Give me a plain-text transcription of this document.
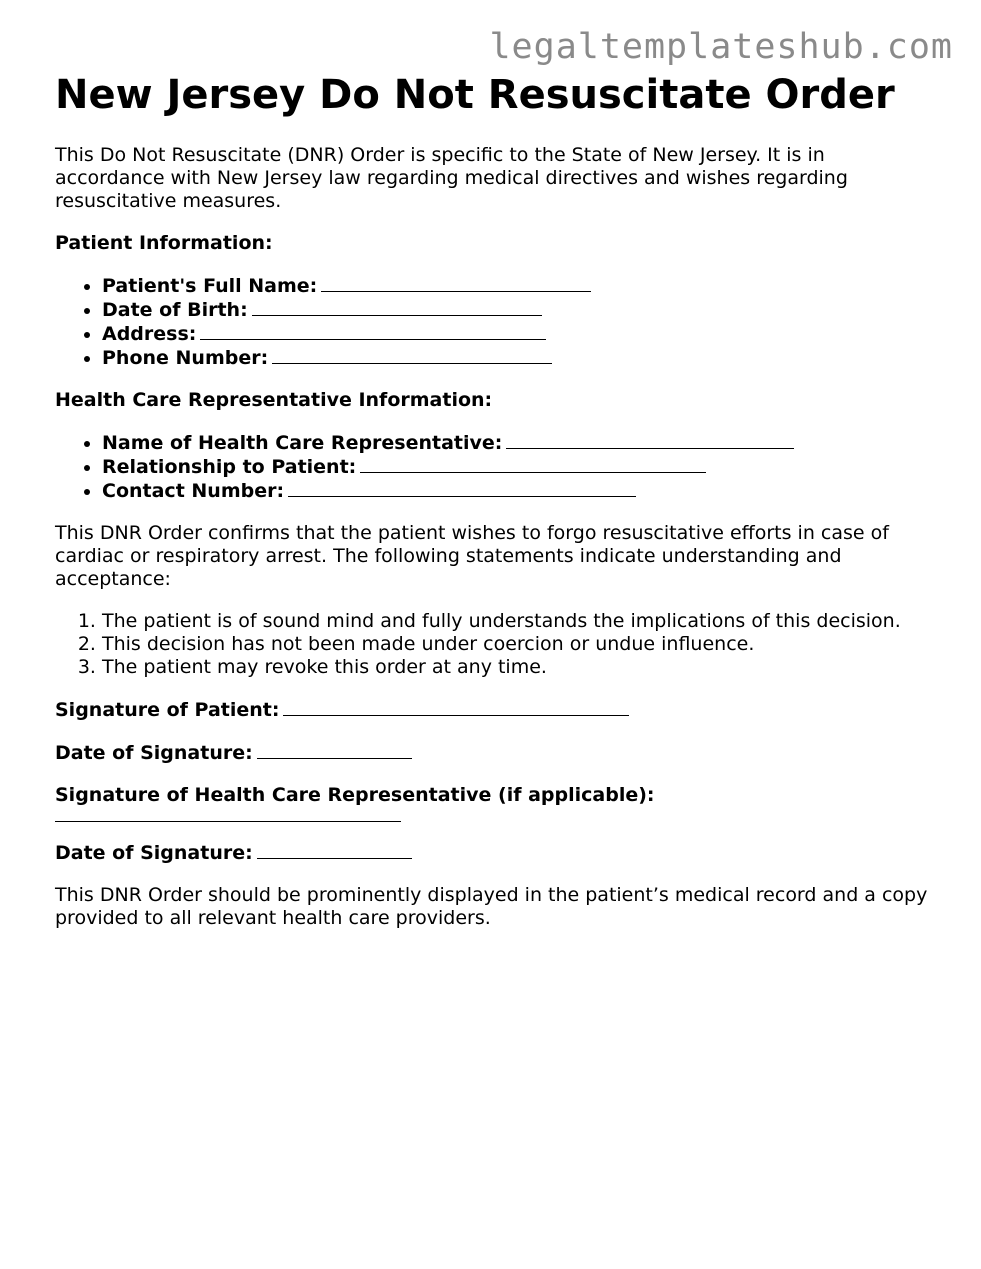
legaltemplateshub.com
New Jersey Do Not Resuscitate Order

This Do Not Resuscitate (DNR) Order is specific to the State of New Jersey. It is in accordance with New Jersey law regarding medical directives and wishes regarding resuscitative measures.

Patient Information:

• Patient's Full Name:
• Date of Birth:
• Address:
• Phone Number:

Health Care Representative Information:

• Name of Health Care Representative:
• Relationship to Patient:
• Contact Number:

This DNR Order confirms that the patient wishes to forgo resuscitative efforts in case of cardiac or respiratory arrest. The following statements indicate understanding and acceptance:

1. The patient is of sound mind and fully understands the implications of this decision.
2. This decision has not been made under coercion or undue influence.
3. The patient may revoke this order at any time.

Signature of Patient:

Date of Signature:

Signature of Health Care Representative (if applicable):

Date of Signature:

This DNR Order should be prominently displayed in the patient’s medical record and a copy provided to all relevant health care providers.
